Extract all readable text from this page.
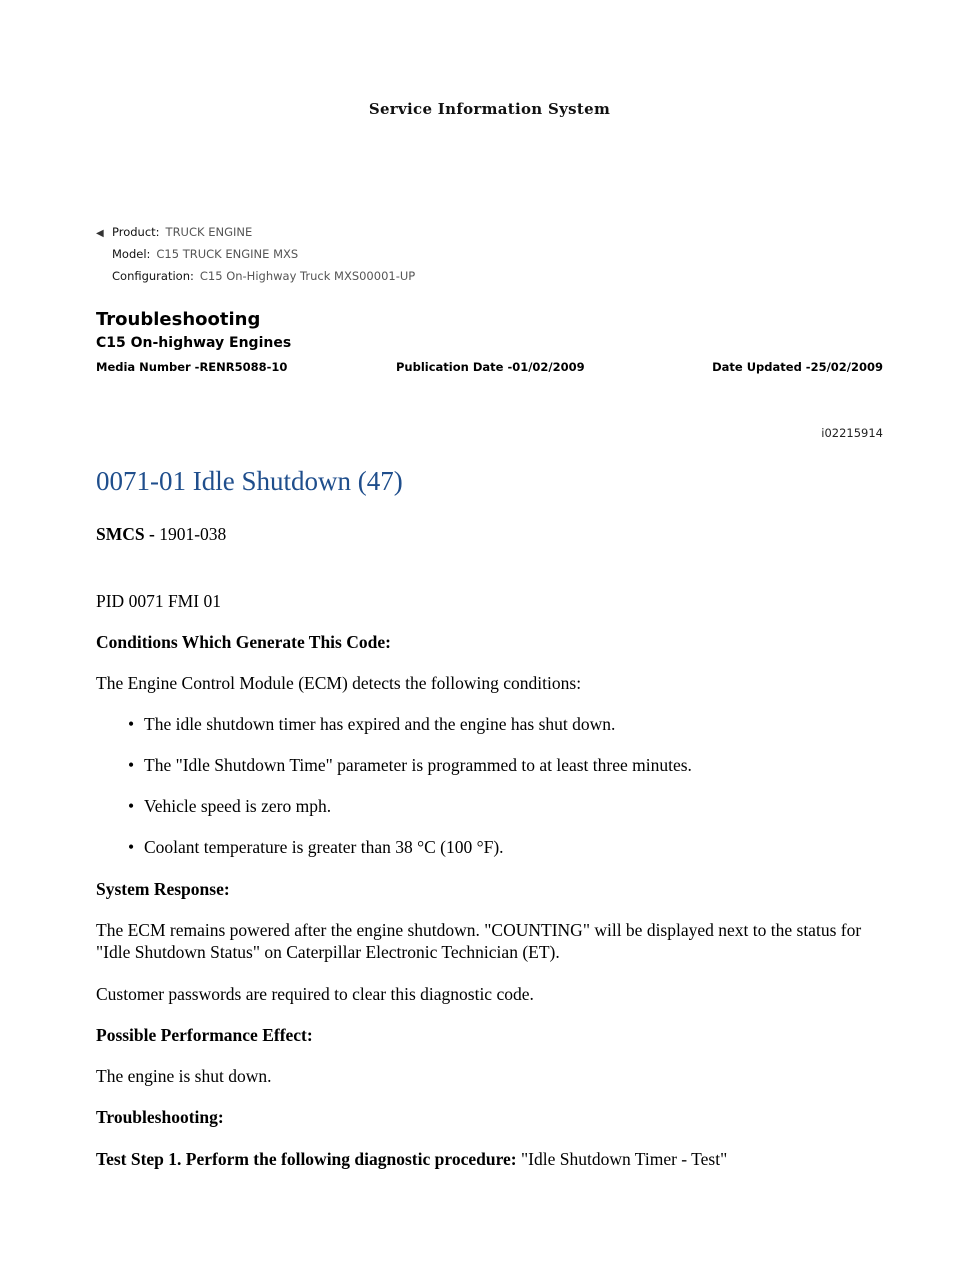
Service Information System
◀ Product: TRUCK ENGINE
Model: C15 TRUCK ENGINE MXS
Configuration: C15 On-Highway Truck MXS00001-UP
Troubleshooting
C15 On-highway Engines
Media Number -RENR5088-10	Publication Date -01/02/2009	Date Updated -25/02/2009
i02215914
0071-01 Idle Shutdown (47)
SMCS - 1901-038
PID 0071 FMI 01
Conditions Which Generate This Code:
The Engine Control Module (ECM) detects the following conditions:
• The idle shutdown timer has expired and the engine has shut down.
• The "Idle Shutdown Time" parameter is programmed to at least three minutes.
• Vehicle speed is zero mph.
• Coolant temperature is greater than 38 °C (100 °F).
System Response:
The ECM remains powered after the engine shutdown. "COUNTING" will be displayed next to the status for "Idle Shutdown Status" on Caterpillar Electronic Technician (ET).
Customer passwords are required to clear this diagnostic code.
Possible Performance Effect:
The engine is shut down.
Troubleshooting:
Test Step 1. Perform the following diagnostic procedure: "Idle Shutdown Timer - Test"
